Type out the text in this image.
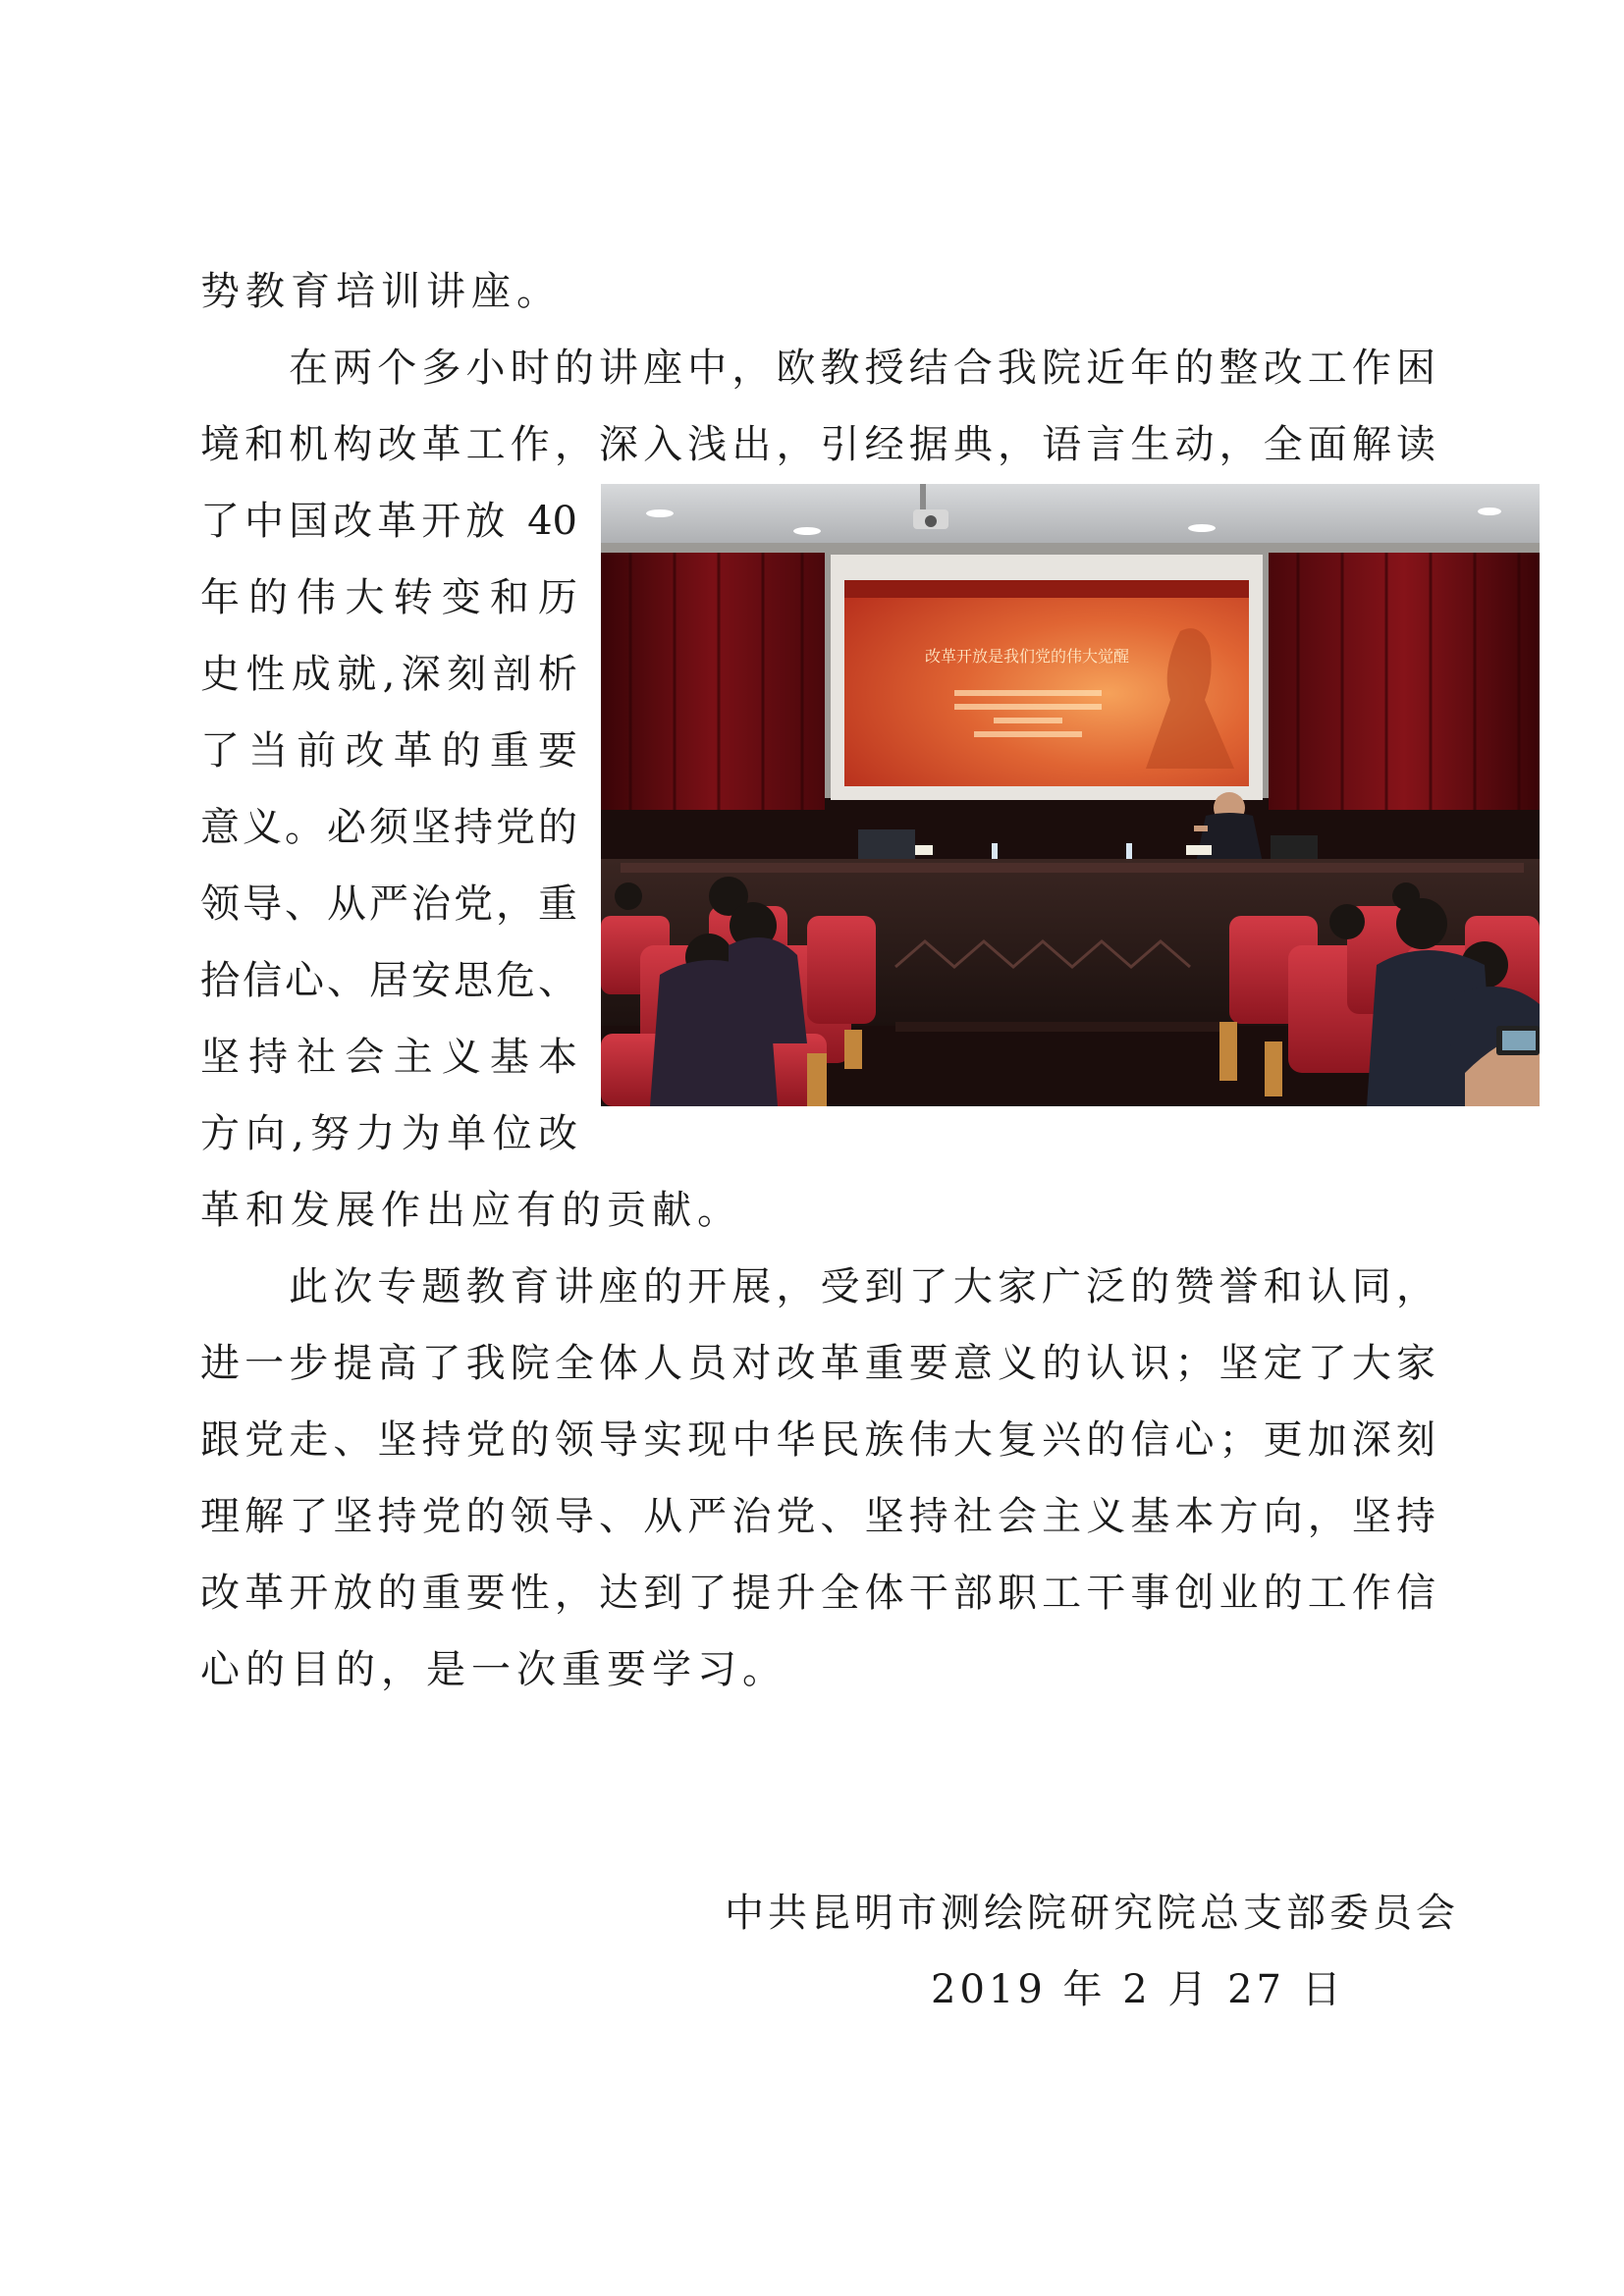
势教育培训讲座。
在两个多小时的讲座中，欧教授结合我院近年的整改工作困
境和机构改革工作，深入浅出，引经据典，语言生动，全面解读
了中国改革开放 40
年的伟大转变和历
史性成就,深刻剖析
了当前改革的重要
意义。必须坚持党的
领导、从严治党，重
拾信心、居安思危、
坚持社会主义基本
方向,努力为单位改
革和发展作出应有的贡献。
此次专题教育讲座的开展，受到了大家广泛的赞誉和认同，
进一步提高了我院全体人员对改革重要意义的认识；坚定了大家
跟党走、坚持党的领导实现中华民族伟大复兴的信心；更加深刻
理解了坚持党的领导、从严治党、坚持社会主义基本方向，坚持
改革开放的重要性，达到了提升全体干部职工干事创业的工作信
心的目的，是一次重要学习。
改革开放是我们党的伟大觉醒
中共昆明市测绘院研究院总支部委员会
2019 年 2 月 27 日
